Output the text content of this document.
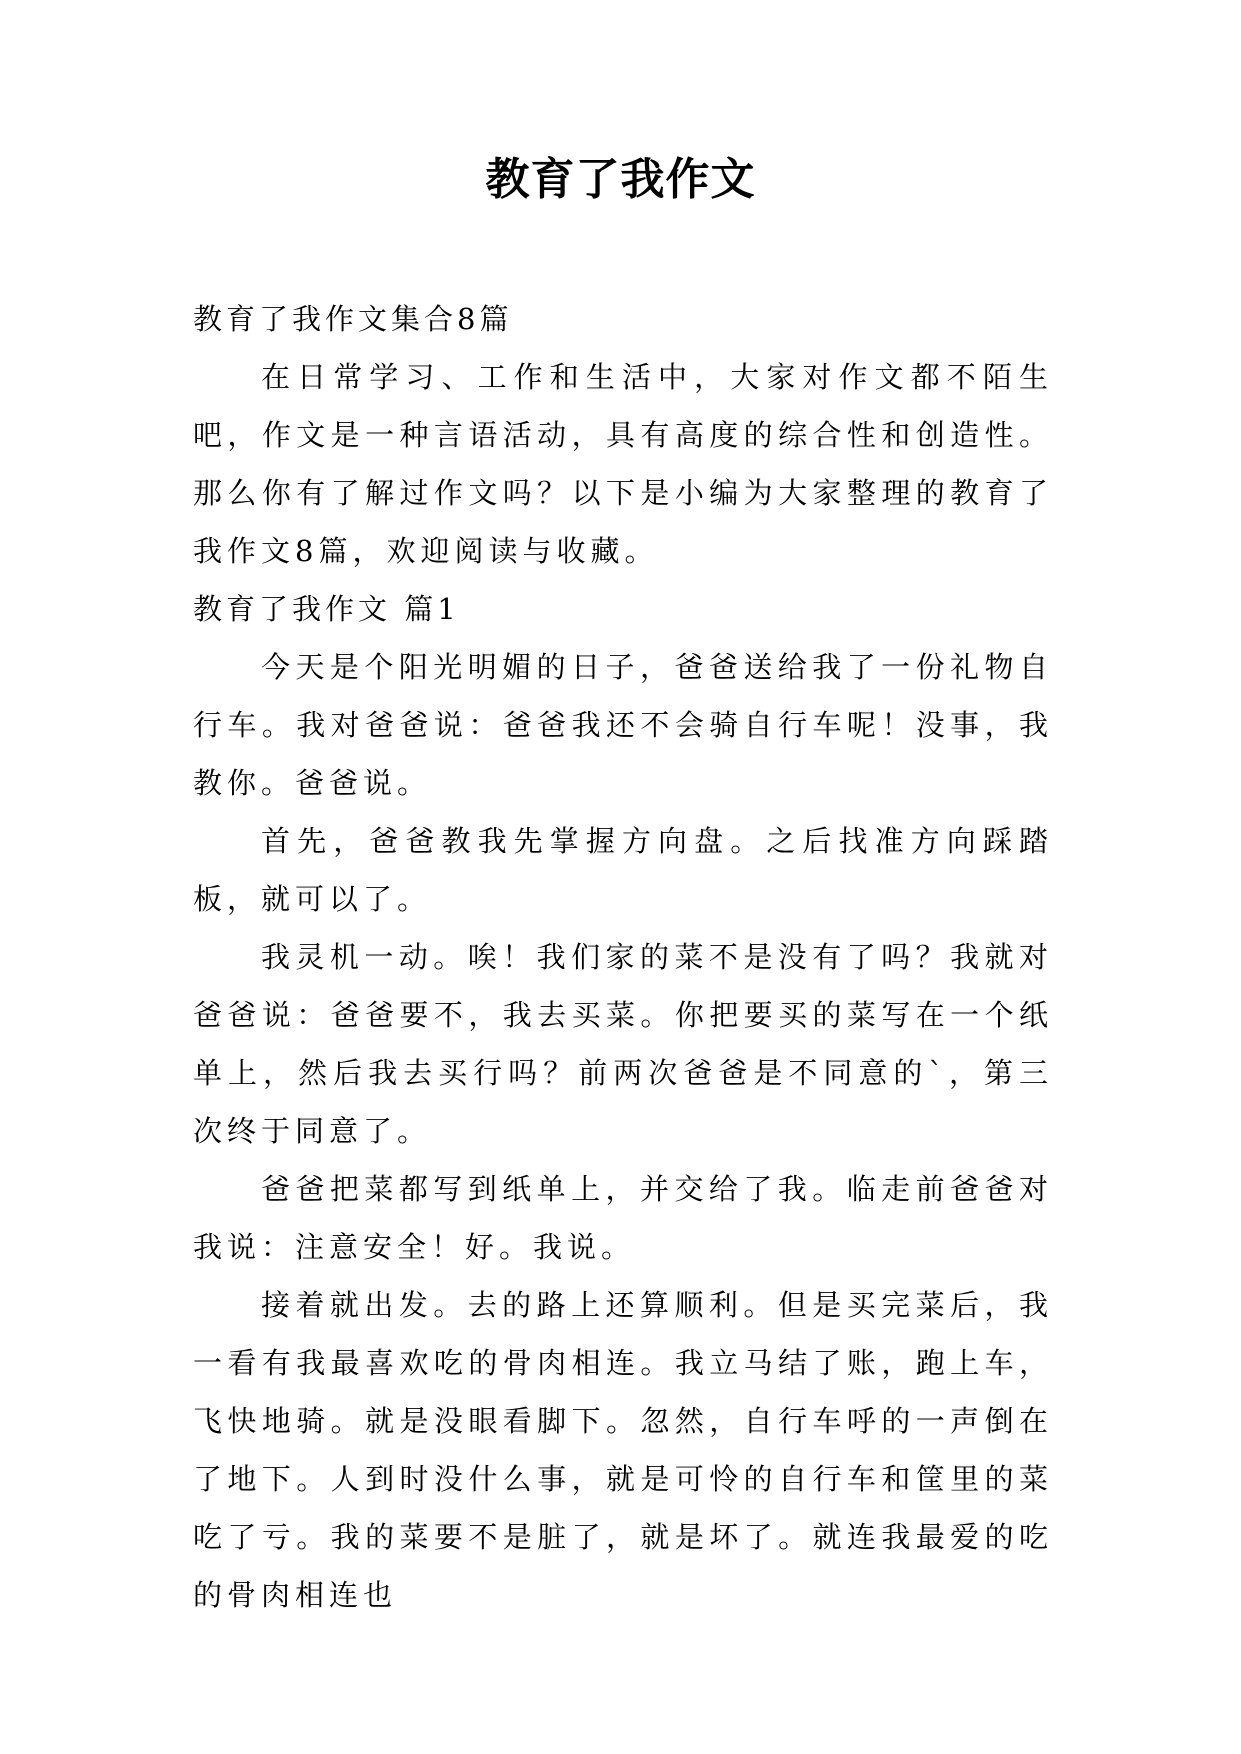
教育了我作文

教育了我作文集合8篇

在日常学习、工作和生活中，大家对作文都不陌生吧，作文是一种言语活动，具有高度的综合性和创造性。那么你有了解过作文吗？以下是小编为大家整理的教育了我作文8篇，欢迎阅读与收藏。

教育了我作文 篇1

今天是个阳光明媚的日子，爸爸送给我了一份礼物自行车。我对爸爸说：爸爸我还不会骑自行车呢！没事，我教你。爸爸说。

首先，爸爸教我先掌握方向盘。之后找准方向踩踏板，就可以了。

我灵机一动。唉！我们家的菜不是没有了吗？我就对爸爸说：爸爸要不，我去买菜。你把要买的菜写在一个纸单上，然后我去买行吗？前两次爸爸是不同意的`，第三次终于同意了。

爸爸把菜都写到纸单上，并交给了我。临走前爸爸对我说：注意安全！好。我说。

接着就出发。去的路上还算顺利。但是买完菜后，我一看有我最喜欢吃的骨肉相连。我立马结了账，跑上车，飞快地骑。就是没眼看脚下。忽然，自行车呼的一声倒在了地下。人到时没什么事，就是可怜的自行车和筐里的菜吃了亏。我的菜要不是脏了，就是坏了。就连我最爱的吃的骨肉相连也
